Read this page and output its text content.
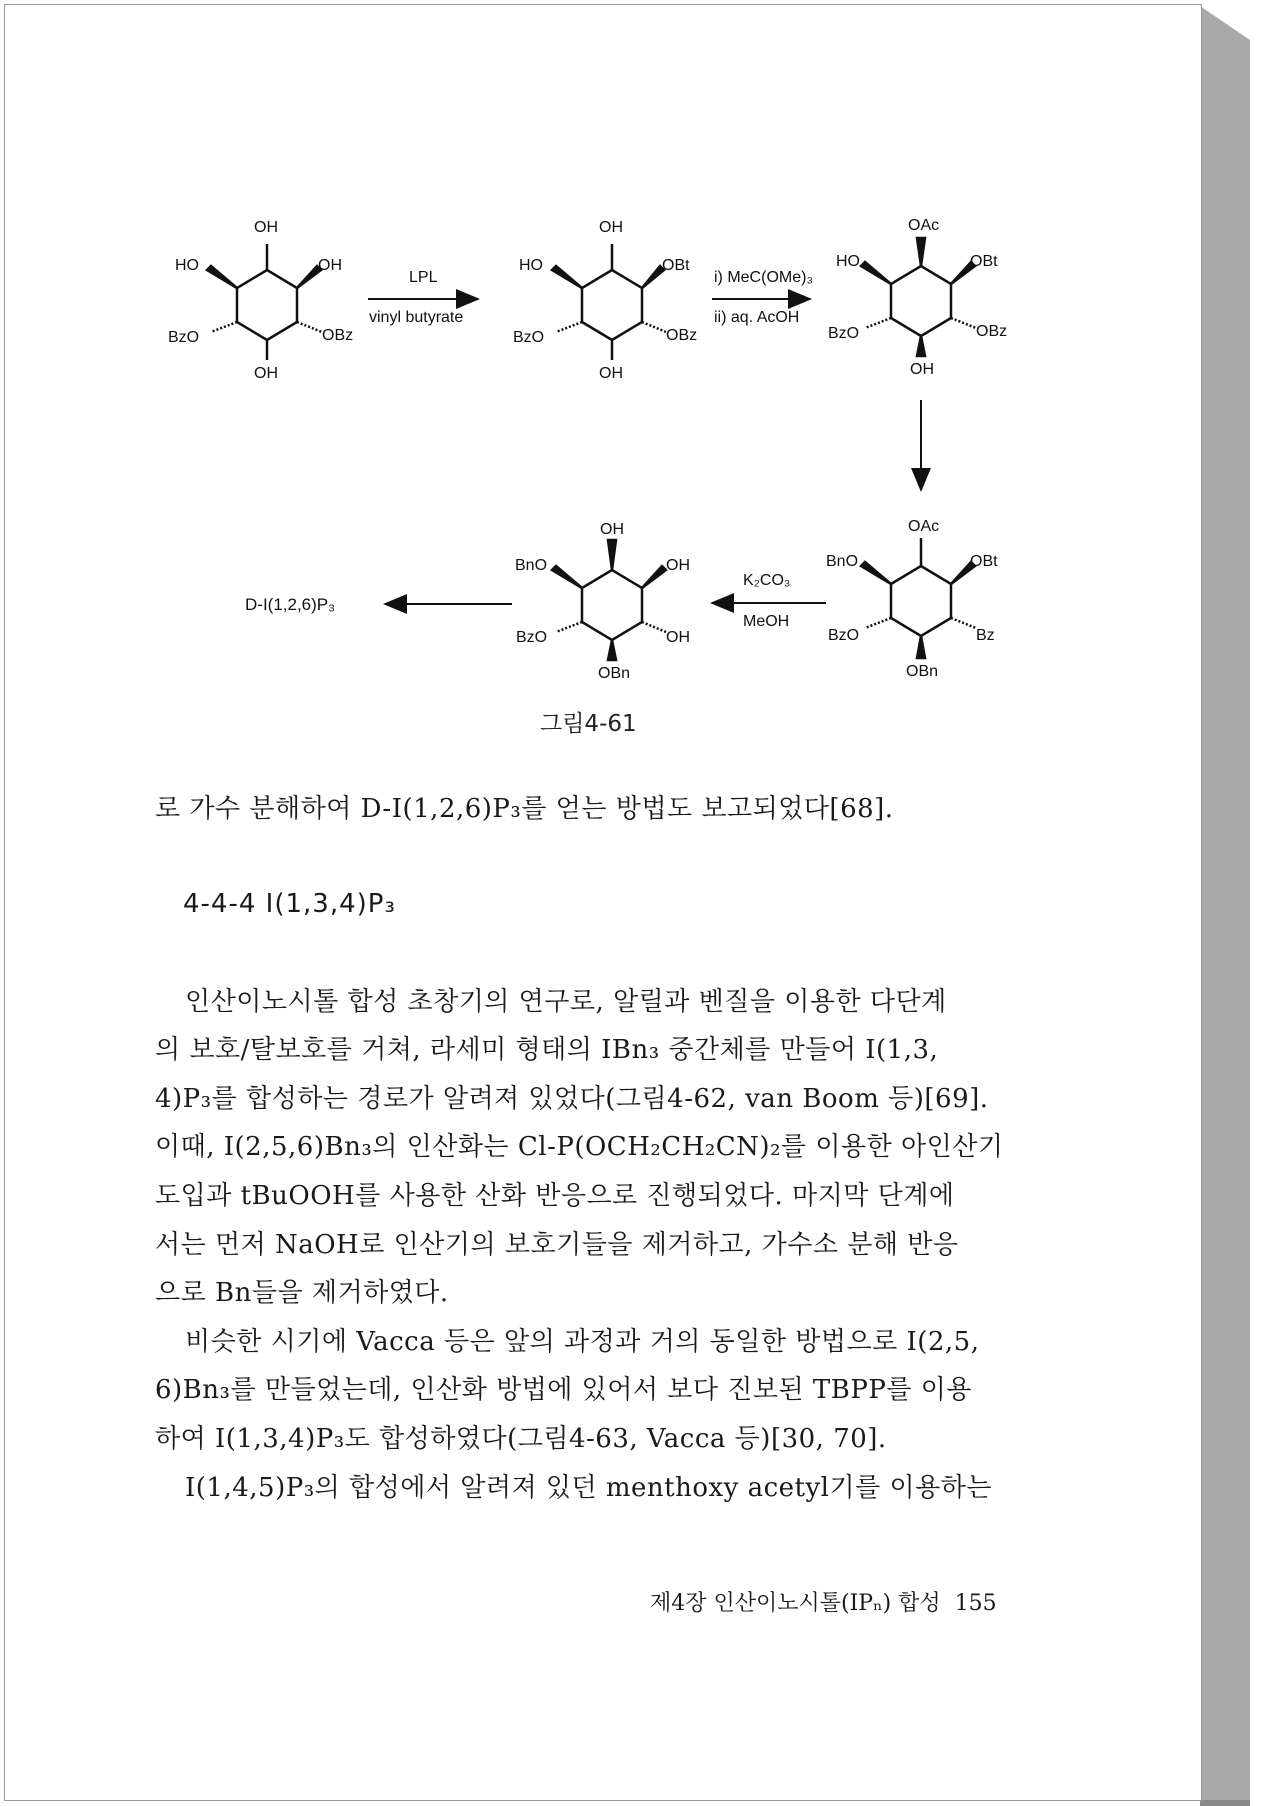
OH
HO	OH
BzO	OBz
OH
LPL
vinyl butyrate
OH
HO	OBt
BzO	OBz
OH
i) MeC(OMe)₃
ii) aq. AcOH
OAc
HO	OBt
BzO	OBz
OH
OAc
BnO	OBt
BzO	Bz
OBn
K₂CO₃
MeOH
OH
BnO	OH
BzO	OH
OBn
D-I(1,2,6)P₃
그림4-61
로 가수 분해하여 D-I(1,2,6)P₃를 얻는 방법도 보고되었다[68].
4-4-4 I(1,3,4)P₃
인산이노시톨 합성 초창기의 연구로, 알릴과 벤질을 이용한 다단계
의 보호/탈보호를 거쳐, 라세미 형태의 IBn₃ 중간체를 만들어 I(1,3,
4)P₃를 합성하는 경로가 알려져 있었다(그림4-62, van Boom 등)[69].
이때, I(2,5,6)Bn₃의 인산화는 Cl-P(OCH₂CH₂CN)₂를 이용한 아인산기
도입과 tBuOOH를 사용한 산화 반응으로 진행되었다. 마지막 단계에
서는 먼저 NaOH로 인산기의 보호기들을 제거하고, 가수소 분해 반응
으로 Bn들을 제거하였다.
비슷한 시기에 Vacca 등은 앞의 과정과 거의 동일한 방법으로 I(2,5,
6)Bn₃를 만들었는데, 인산화 방법에 있어서 보다 진보된 TBPP를 이용
하여 I(1,3,4)P₃도 합성하였다(그림4-63, Vacca 등)[30, 70].
I(1,4,5)P₃의 합성에서 알려져 있던 menthoxy acetyl기를 이용하는
제4장 인산이노시톨(IPₙ) 합성 155
